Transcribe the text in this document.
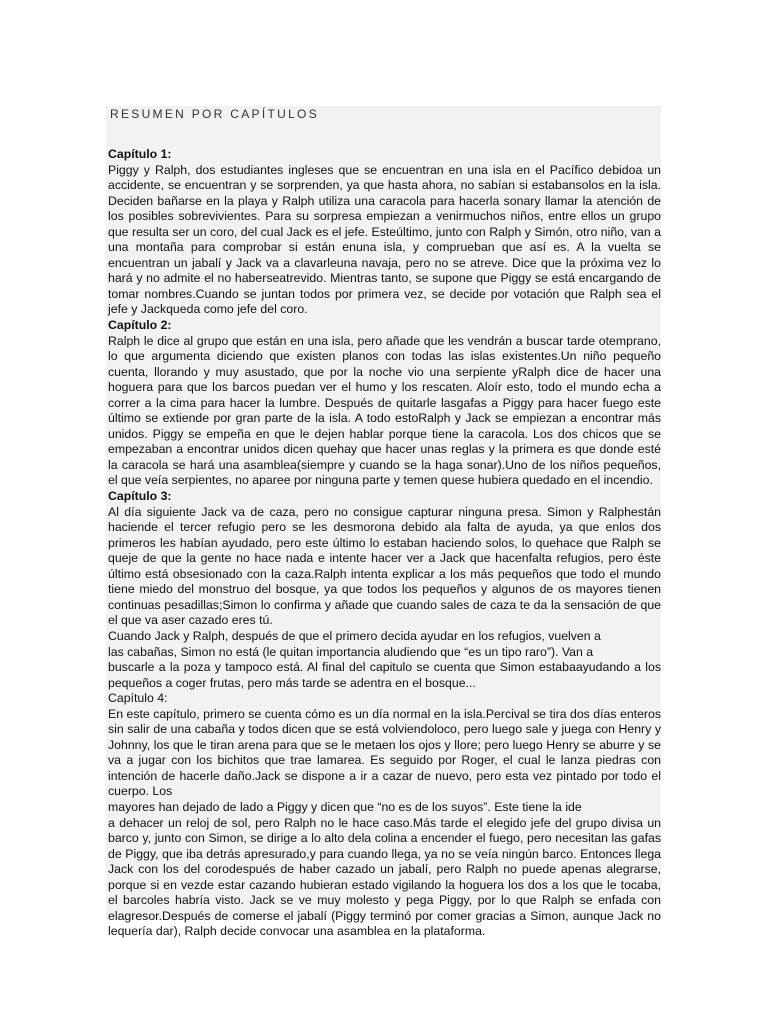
RESUMEN POR CAPÍTULOS
Capítulo 1:
Piggy y Ralph, dos estudiantes ingleses que se encuentran en una isla en el Pacífico debidoa un accidente, se encuentran y se sorprenden, ya que hasta ahora, no sabían si estabansolos en la isla. Deciden bañarse en la playa y Ralph utiliza una caracola para hacerla sonary llamar la atención de los posibles sobrevivientes. Para su sorpresa empiezan a venirmuchos niños, entre ellos un grupo que resulta ser un coro, del cual Jack es el jefe. Esteúltimo, junto con Ralph y Simón, otro niño, van a una montaña para comprobar si están enuna isla, y comprueban que así es. A la vuelta se encuentran un jabalí y Jack va a clavarleuna navaja, pero no se atreve. Dice que la próxima vez lo hará y no admite el no haberseatrevido. Mientras tanto, se supone que Piggy se está encargando de tomar nombres.Cuando se juntan todos por primera vez, se decide por votación que Ralph sea el jefe y Jackqueda como jefe del coro.
Capítulo 2:
Ralph le dice al grupo que están en una isla, pero añade que les vendrán a buscar tarde otemprano, lo que argumenta diciendo que existen planos con todas las islas existentes.Un niño pequeño cuenta, llorando y muy asustado, que por la noche vio una serpiente yRalph dice de hacer una hoguera para que los barcos puedan ver el humo y los rescaten. Aloír esto, todo el mundo echa a correr a la cima para hacer la lumbre. Después de quitarle lasgafas a Piggy para hacer fuego este último se extiende por gran parte de la isla. A todo estoRalph y Jack se empiezan a encontrar más unidos. Piggy se empeña en que le dejen hablar porque tiene la caracola. Los dos chicos que se empezaban a encontrar unidos dicen quehay que hacer unas reglas y la primera es que donde esté la caracola se hará una asamblea(siempre y cuando se la haga sonar).Uno de los niños pequeños, el que veía serpientes, no aparee por ninguna parte y temen quese hubiera quedado en el incendio.
Capítulo 3:
Al día siguiente Jack va de caza, pero no consigue capturar ninguna presa. Simon y Ralphestán haciende el tercer refugio pero se les desmorona debido ala falta de ayuda, ya que enlos dos primeros les habían ayudado, pero este último lo estaban haciendo solos, lo quehace que Ralph se queje de que la gente no hace nada e intente hacer ver a Jack que hacenfalta refugios, pero éste último está obsesionado con la caza.Ralph intenta explicar a los más pequeños que todo el mundo tiene miedo del monstruo del bosque, ya que todos los pequeños y algunos de os mayores tienen continuas pesadillas;Simon lo confirma y añade que cuando sales de caza te da la sensación de que el que va aser cazado eres tú.
Cuando Jack y Ralph, después de que el primero decida ayudar en los refugios, vuelven a
las cabañas, Simon no está (le quitan importancia aludiendo que “es un tipo raro”). Van a
buscarle a la poza y tampoco está. Al final del capitulo se cuenta que Simon estabaayudando a los pequeños a coger frutas, pero más tarde se adentra en el bosque...
Capítulo 4:
En este capítulo, primero se cuenta cómo es un día normal en la isla.Percival se tira dos días enteros sin salir de una cabaña y todos dicen que se está volviendoloco, pero luego sale y juega con Henry y Johnny, los que le tiran arena para que se le metaen los ojos y llore; pero luego Henry se aburre y se va a jugar con los bichitos que trae lamarea. Es seguido por Roger, el cual le lanza piedras con intención de hacerle daño.Jack se dispone a ir a cazar de nuevo, pero esta vez pintado por todo el cuerpo. Los
mayores han dejado de lado a Piggy y dicen que “no es de los suyos”. Este tiene la ide
a dehacer un reloj de sol, pero Ralph no le hace caso.Más tarde el elegido jefe del grupo divisa un barco y, junto con Simon, se dirige a lo alto dela colina a encender el fuego, pero necesitan las gafas de Piggy, que iba detrás apresurado,y para cuando llega, ya no se veía ningún barco. Entonces llega Jack con los del corodespués de haber cazado un jabalí, pero Ralph no puede apenas alegrarse, porque si en vezde estar cazando hubieran estado vigilando la hoguera los dos a los que le tocaba, el barcoles habría visto. Jack se ve muy molesto y pega Piggy, por lo que Ralph se enfada con elagresor.Después de comerse el jabalí (Piggy terminó por comer gracias a Simon, aunque Jack no lequería dar), Ralph decide convocar una asamblea en la plataforma.
